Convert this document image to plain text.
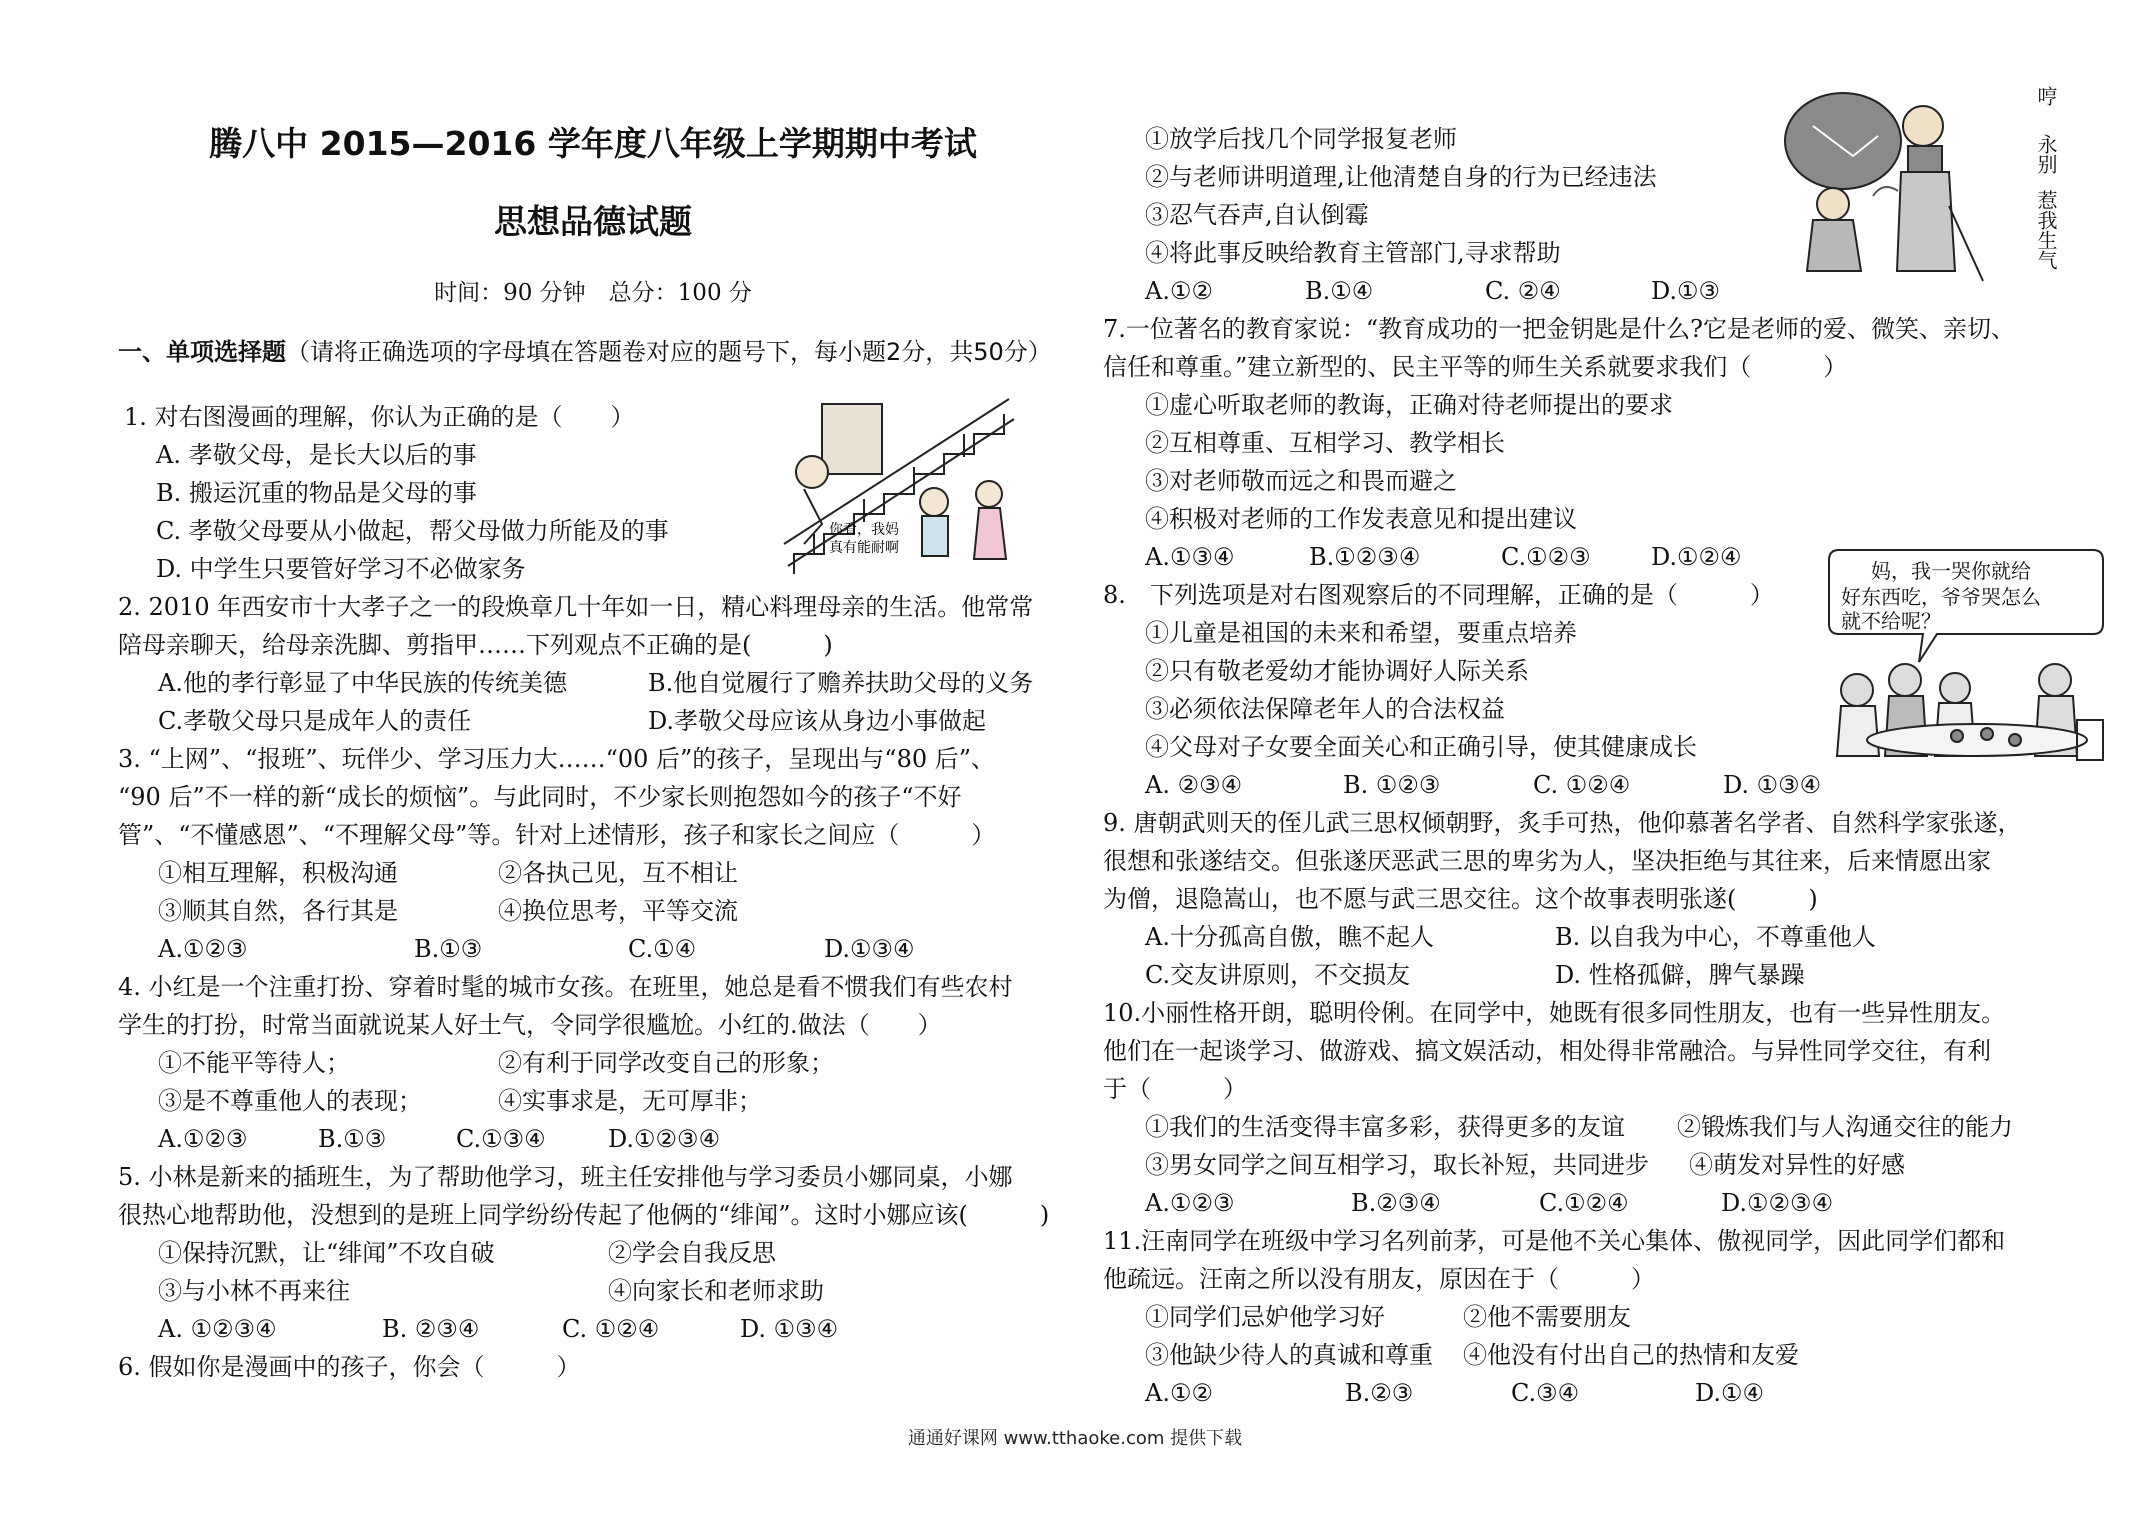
腾八中 2015—2016 学年度八年级上学期期中考试
思想品德试题
时间：90 分钟　总分：100 分
一、单项选择题（请将正确选项的字母填在答题卷对应的题号下，每小题2分，共50分）
1. 对右图漫画的理解，你认为正确的是（　　）
A. 孝敬父母，是长大以后的事
B. 搬运沉重的物品是父母的事
C. 孝敬父母要从小做起，帮父母做力所能及的事
D. 中学生只要管好学习不必做家务
你看，我妈
真有能耐啊
2. 2010 年西安市十大孝子之一的段焕章几十年如一日，精心料理母亲的生活。他常常
陪母亲聊天，给母亲洗脚、剪指甲……下列观点不正确的是(　　　)
A.他的孝行彰显了中华民族的传统美德	B.他自觉履行了赡养扶助父母的义务
C.孝敬父母只是成年人的责任	D.孝敬父母应该从身边小事做起
3. “上网”、“报班”、玩伴少、学习压力大……“00 后”的孩子，呈现出与“80 后”、
“90 后”不一样的新“成长的烦恼”。与此同时，不少家长则抱怨如今的孩子“不好
管”、“不懂感恩”、“不理解父母”等。针对上述情形，孩子和家长之间应（　　　）
①相互理解，积极沟通	②各执己见，互不相让
③顺其自然，各行其是	④换位思考，平等交流
A.①②③	B.①③	C.①④	D.①③④
4. 小红是一个注重打扮、穿着时髦的城市女孩。在班里，她总是看不惯我们有些农村
学生的打扮，时常当面就说某人好土气，令同学很尴尬。小红的.做法（　　）
①不能平等待人；	②有利于同学改变自己的形象；
③是不尊重他人的表现；	④实事求是，无可厚非；
A.①②③	B.①③	C.①③④	D.①②③④
5. 小林是新来的插班生，为了帮助他学习，班主任安排他与学习委员小娜同桌，小娜
很热心地帮助他，没想到的是班上同学纷纷传起了他俩的“绯闻”。这时小娜应该(　　　)
①保持沉默，让“绯闻”不攻自破	②学会自我反思
③与小林不再来往	④向家长和老师求助
A. ①②③④	B. ②③④	C. ①②④	D. ①③④
6. 假如你是漫画中的孩子，你会（　　　）
①放学后找几个同学报复老师
②与老师讲明道理,让他清楚自身的行为已经违法
③忍气吞声,自认倒霉
④将此事反映给教育主管部门,寻求帮助
A.①②	B.①④	C. ②④	D.①③
哼
永别
惹我生气
7.一位著名的教育家说：“教育成功的一把金钥匙是什么?它是老师的爱、微笑、亲切、
信任和尊重。”建立新型的、民主平等的师生关系就要求我们（　　　）
①虚心听取老师的教诲，正确对待老师提出的要求
②互相尊重、互相学习、教学相长
③对老师敬而远之和畏而避之
④积极对老师的工作发表意见和提出建议
A.①③④	B.①②③④	C.①②③	D.①②④
8.　下列选项是对右图观察后的不同理解，正确的是（　　　）
①儿童是祖国的未来和希望，要重点培养
②只有敬老爱幼才能协调好人际关系
③必须依法保障老年人的合法权益
④父母对子女要全面关心和正确引导，使其健康成长
A. ②③④	B. ①②③	C. ①②④	D. ①③④
妈，我一哭你就给
好东西吃，爷爷哭怎么
就不给呢？
9. 唐朝武则天的侄儿武三思权倾朝野，炙手可热，他仰慕著名学者、自然科学家张遂，
很想和张遂结交。但张遂厌恶武三思的卑劣为人，坚决拒绝与其往来，后来情愿出家
为僧，退隐嵩山，也不愿与武三思交往。这个故事表明张遂(　　　)
A.十分孤高自傲，瞧不起人	B. 以自我为中心，不尊重他人
C.交友讲原则，不交损友	D. 性格孤僻，脾气暴躁
10.小丽性格开朗，聪明伶俐。在同学中，她既有很多同性朋友，也有一些异性朋友。
他们在一起谈学习、做游戏、搞文娱活动，相处得非常融洽。与异性同学交往，有利
于（　　　）
①我们的生活变得丰富多彩，获得更多的友谊 ②锻炼我们与人沟通交往的能力
③男女同学之间互相学习，取长补短，共同进步 ④萌发对异性的好感
A.①②③	B.②③④	C.①②④	D.①②③④
11.汪南同学在班级中学习名列前茅，可是他不关心集体、傲视同学，因此同学们都和
他疏远。汪南之所以没有朋友，原因在于（　　　）
①同学们忌妒他学习好	②他不需要朋友
③他缺少待人的真诚和尊重 ④他没有付出自己的热情和友爱
A.①②	B.②③	C.③④	D.①④
通通好课网 www.tthaoke.com 提供下载
